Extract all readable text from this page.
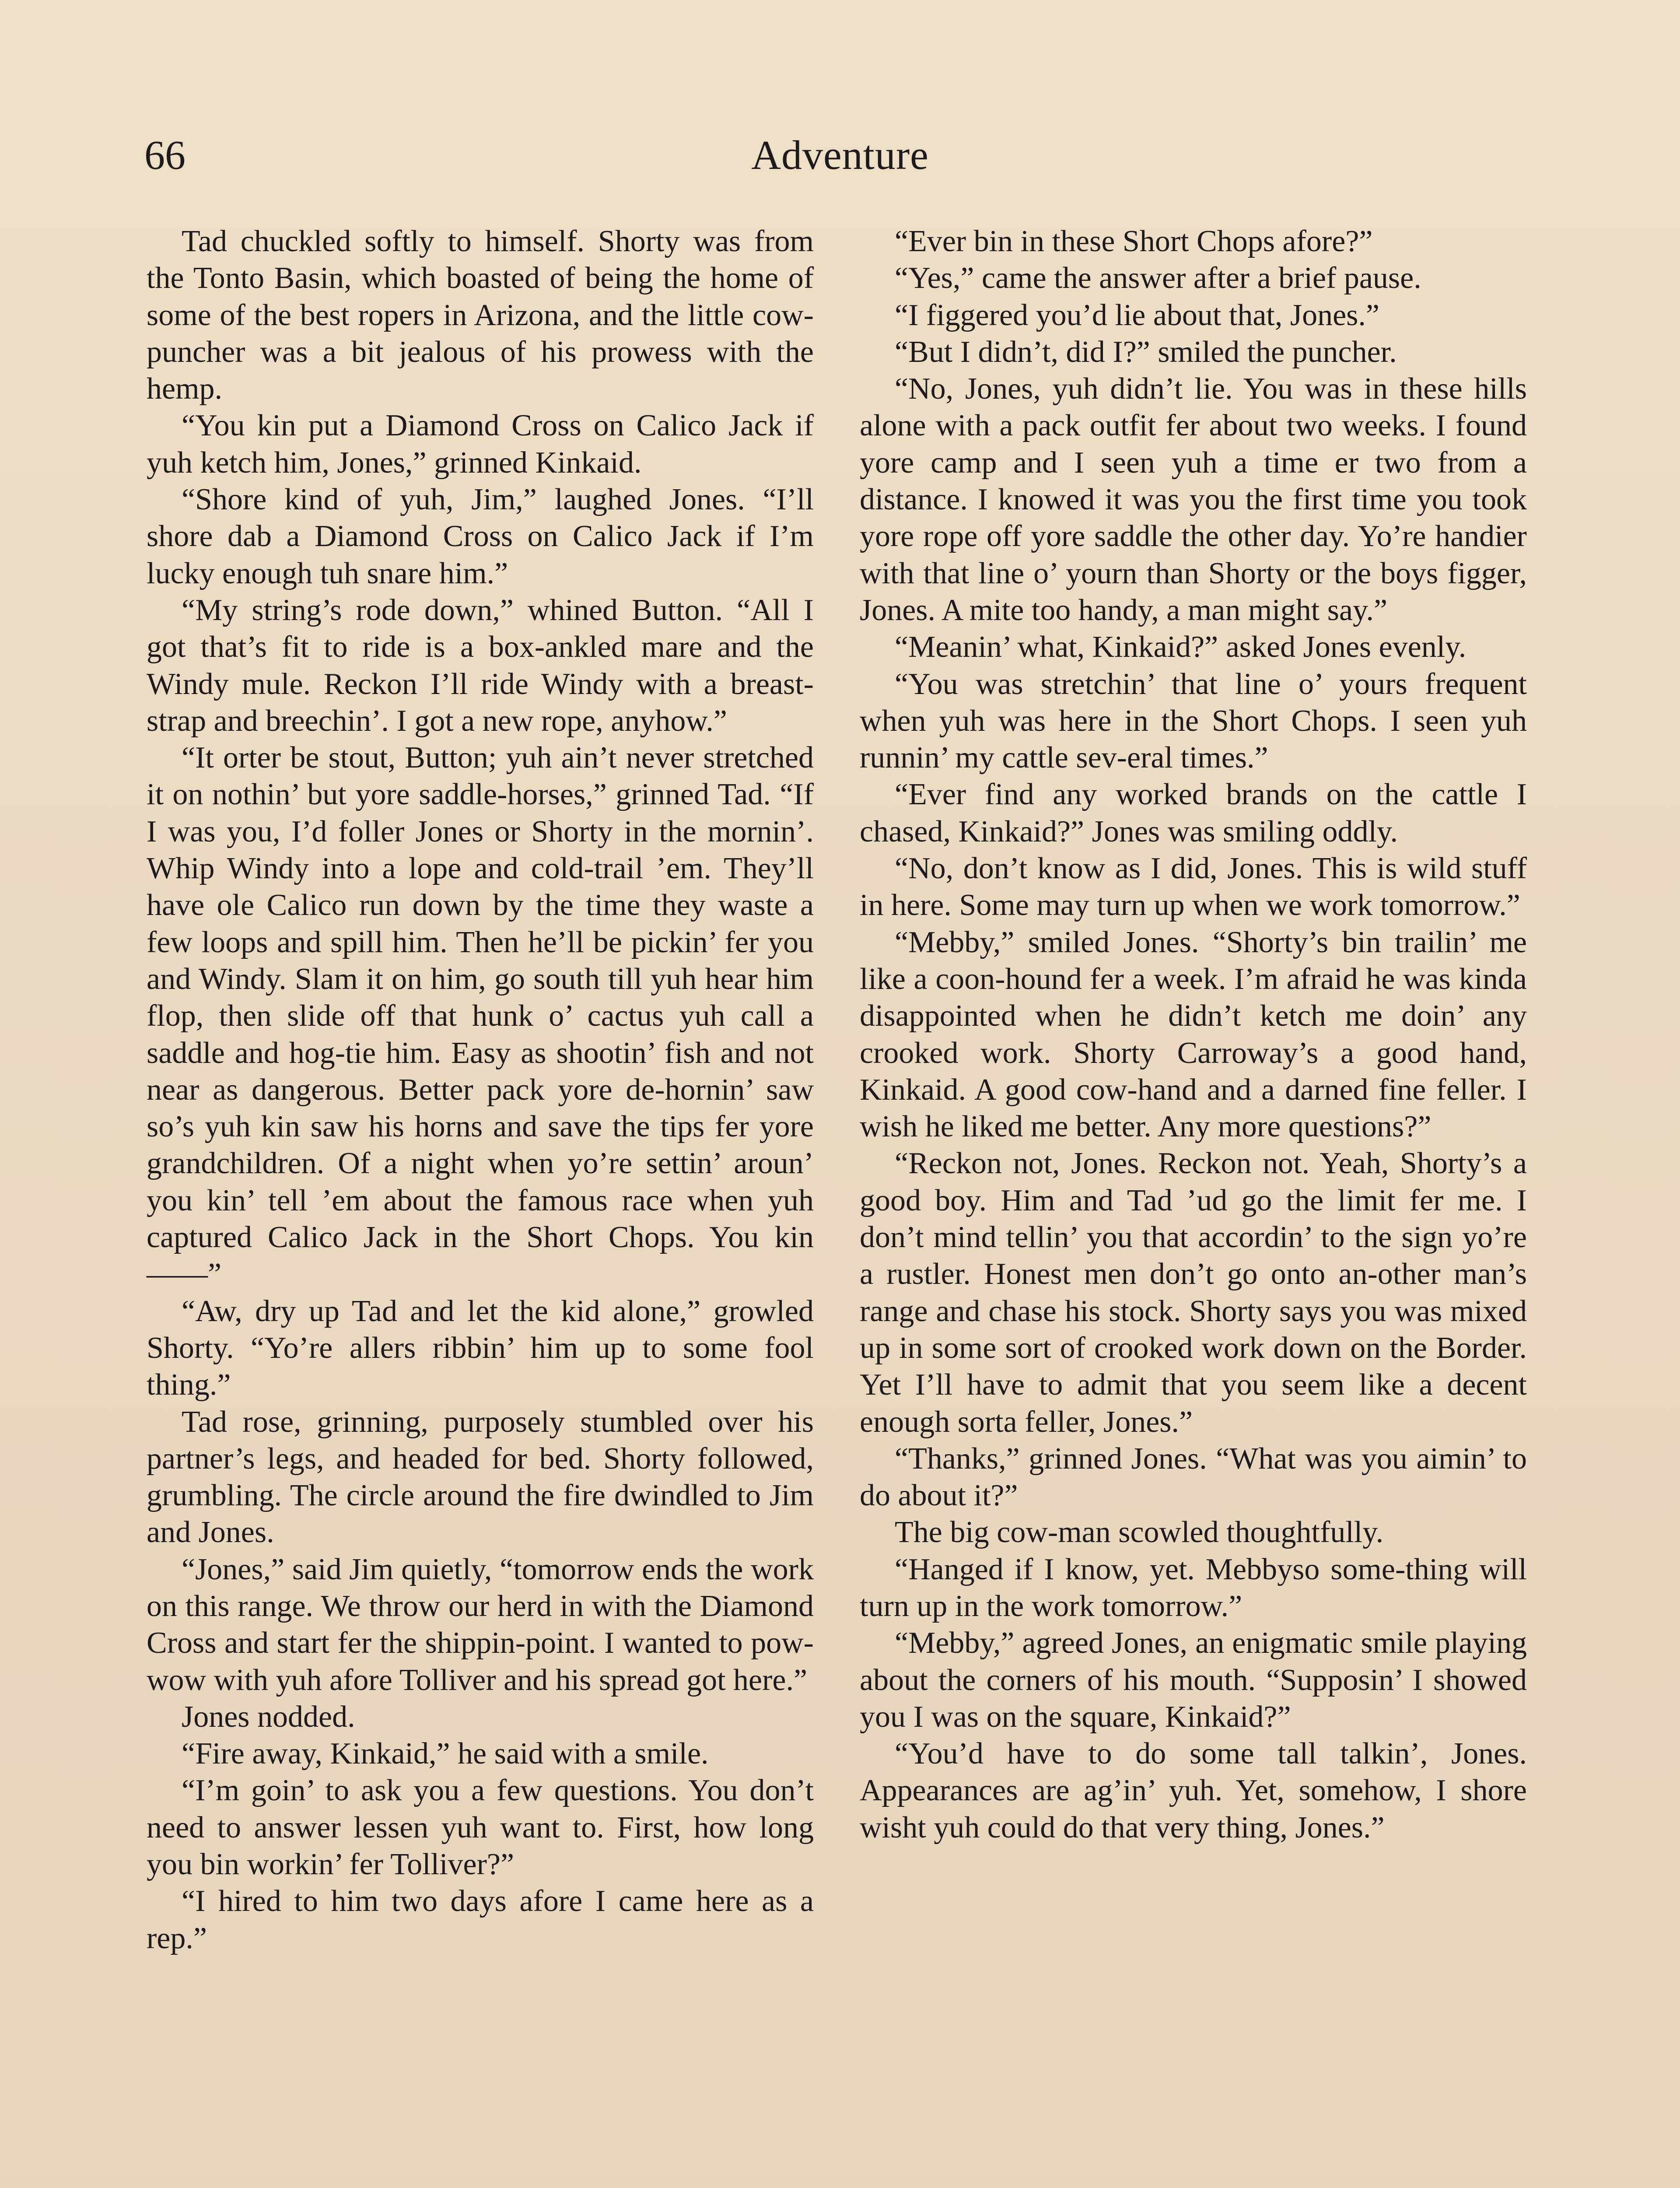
66	Adventure

Tad chuckled softly to himself. Shorty was from the Tonto Basin, which boasted of being the home of some of the best ropers in Arizona, and the little cow-puncher was a bit jealous of his prowess with the hemp.

“You kin put a Diamond Cross on Calico Jack if yuh ketch him, Jones,” grinned Kinkaid.

“Shore kind of yuh, Jim,” laughed Jones. “I’ll shore dab a Diamond Cross on Calico Jack if I’m lucky enough tuh snare him.”

“My string’s rode down,” whined Button. “All I got that’s fit to ride is a box-ankled mare and the Windy mule. Reckon I’ll ride Windy with a breast-strap and breechin’. I got a new rope, anyhow.”

“It orter be stout, Button; yuh ain’t never stretched it on nothin’ but yore saddle-horses,” grinned Tad. “If I was you, I’d foller Jones or Shorty in the mornin’. Whip Windy into a lope and cold-trail ’em. They’ll have ole Calico run down by the time they waste a few loops and spill him. Then he’ll be pickin’ fer you and Windy. Slam it on him, go south till yuh hear him flop, then slide off that hunk o’ cactus yuh call a saddle and hog-tie him. Easy as shootin’ fish and not near as dangerous. Better pack yore de-hornin’ saw so’s yuh kin saw his horns and save the tips fer yore grandchildren. Of a night when yo’re settin’ aroun’ you kin’ tell ’em about the famous race when yuh captured Calico Jack in the Short Chops. You kin——”

“Aw, dry up Tad and let the kid alone,” growled Shorty. “Yo’re allers ribbin’ him up to some fool thing.”

Tad rose, grinning, purposely stumbled over his partner’s legs, and headed for bed. Shorty followed, grumbling. The circle around the fire dwindled to Jim and Jones.

“Jones,” said Jim quietly, “tomorrow ends the work on this range. We throw our herd in with the Diamond Cross and start fer the shippin-point. I wanted to pow-wow with yuh afore Tolliver and his spread got here.”

Jones nodded.

“Fire away, Kinkaid,” he said with a smile.

“I’m goin’ to ask you a few questions. You don’t need to answer lessen yuh want to. First, how long you bin workin’ fer Tolliver?”

“I hired to him two days afore I came here as a rep.”

“Ever bin in these Short Chops afore?”

“Yes,” came the answer after a brief pause.

“I figgered you’d lie about that, Jones.”

“But I didn’t, did I?” smiled the puncher.

“No, Jones, yuh didn’t lie. You was in these hills alone with a pack outfit fer about two weeks. I found yore camp and I seen yuh a time er two from a distance. I knowed it was you the first time you took yore rope off yore saddle the other day. Yo’re handier with that line o’ yourn than Shorty or the boys figger, Jones. A mite too handy, a man might say.”

“Meanin’ what, Kinkaid?” asked Jones evenly.

“You was stretchin’ that line o’ yours frequent when yuh was here in the Short Chops. I seen yuh runnin’ my cattle sev-eral times.”

“Ever find any worked brands on the cattle I chased, Kinkaid?” Jones was smiling oddly.

“No, don’t know as I did, Jones. This is wild stuff in here. Some may turn up when we work tomorrow.”

“Mebby,” smiled Jones. “Shorty’s bin trailin’ me like a coon-hound fer a week. I’m afraid he was kinda disappointed when he didn’t ketch me doin’ any crooked work. Shorty Carroway’s a good hand, Kinkaid. A good cow-hand and a darned fine feller. I wish he liked me better. Any more questions?”

“Reckon not, Jones. Reckon not. Yeah, Shorty’s a good boy. Him and Tad ’ud go the limit fer me. I don’t mind tellin’ you that accordin’ to the sign yo’re a rustler. Honest men don’t go onto an-other man’s range and chase his stock. Shorty says you was mixed up in some sort of crooked work down on the Border. Yet I’ll have to admit that you seem like a decent enough sorta feller, Jones.”

“Thanks,” grinned Jones. “What was you aimin’ to do about it?”

The big cow-man scowled thoughtfully.

“Hanged if I know, yet. Mebbyso some-thing will turn up in the work tomorrow.”

“Mebby,” agreed Jones, an enigmatic smile playing about the corners of his mouth. “Supposin’ I showed you I was on the square, Kinkaid?”

“You’d have to do some tall talkin’, Jones. Appearances are ag’in’ yuh. Yet, somehow, I shore wisht yuh could do that very thing, Jones.”
